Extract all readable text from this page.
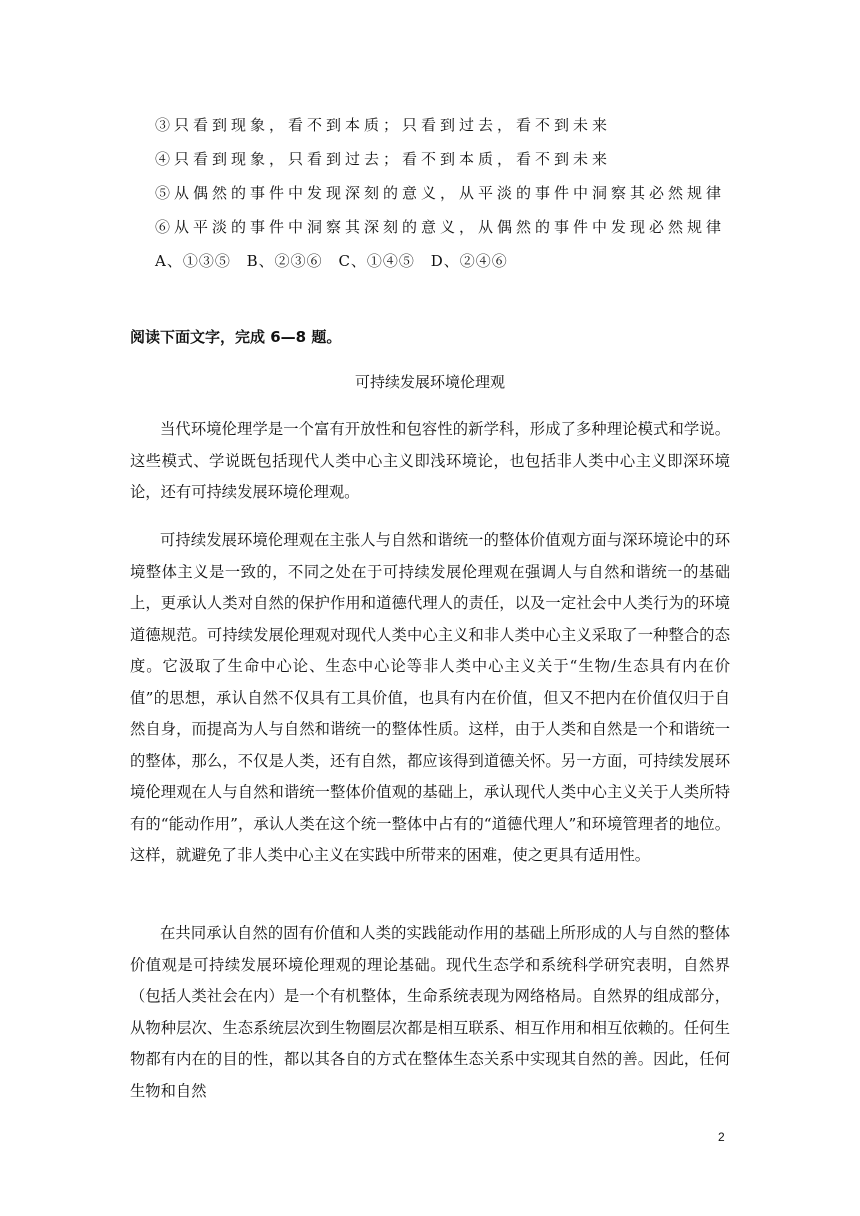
③只看到现象，看不到本质；只看到过去，看不到未来
④只看到现象，只看到过去；看不到本质，看不到未来
⑤从偶然的事件中发现深刻的意义，从平淡的事件中洞察其必然规律
⑥从平淡的事件中洞察其深刻的意义，从偶然的事件中发现必然规律
A、①③⑤ B、②③⑥ C、①④⑤ D、②④⑥
阅读下面文字，完成 6—8 题。
可持续发展环境伦理观

当代环境伦理学是一个富有开放性和包容性的新学科，形成了多种理论模式和学说。这些模式、学说既包括现代人类中心主义即浅环境论，也包括非人类中心主义即深环境论，还有可持续发展环境伦理观。

可持续发展环境伦理观在主张人与自然和谐统一的整体价值观方面与深环境论中的环境整体主义是一致的，不同之处在于可持续发展伦理观在强调人与自然和谐统一的基础上，更承认人类对自然的保护作用和道德代理人的责任，以及一定社会中人类行为的环境道德规范。可持续发展伦理观对现代人类中心主义和非人类中心主义采取了一种整合的态度。它汲取了生命中心论、生态中心论等非人类中心主义关于“生物/生态具有内在价值”的思想，承认自然不仅具有工具价值，也具有内在价值，但又不把内在价值仅归于自然自身，而提高为人与自然和谐统一的整体性质。这样，由于人类和自然是一个和谐统一的整体，那么，不仅是人类，还有自然，都应该得到道德关怀。另一方面，可持续发展环境伦理观在人与自然和谐统一整体价值观的基础上，承认现代人类中心主义关于人类所特有的“能动作用”，承认人类在这个统一整体中占有的“道德代理人”和环境管理者的地位。这样，就避免了非人类中心主义在实践中所带来的困难，使之更具有适用性。

在共同承认自然的固有价值和人类的实践能动作用的基础上所形成的人与自然的整体价值观是可持续发展环境伦理观的理论基础。现代生态学和系统科学研究表明，自然界（包括人类社会在内）是一个有机整体，生命系统表现为网络格局。自然界的组成部分，从物种层次、生态系统层次到生物圈层次都是相互联系、相互作用和相互依赖的。任何生物都有内在的目的性，都以其各自的方式在整体生态关系中实现其自然的善。因此，任何生物和自然

2
